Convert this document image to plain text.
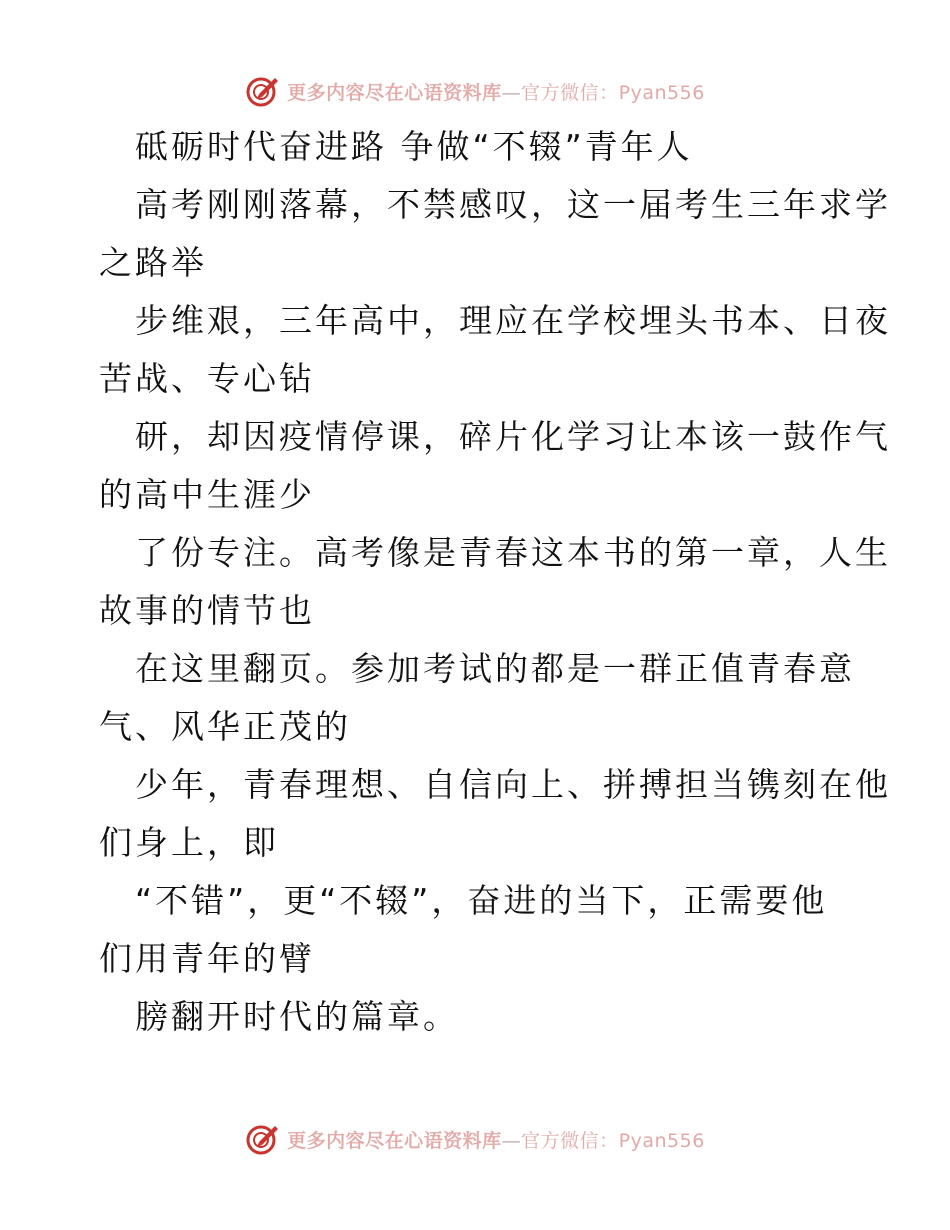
更多内容尽在心语资料库—官方微信：Pyan556

砥砺时代奋进路 争做“不辍”青年人

高考刚刚落幕，不禁感叹，这一届考生三年求学

之路举

步维艰，三年高中，理应在学校埋头书本、日夜

苦战、专心钻

研，却因疫情停课，碎片化学习让本该一鼓作气

的高中生涯少

了份专注。高考像是青春这本书的第一章，人生

故事的情节也

在这里翻页。参加考试的都是一群正值青春意

气、风华正茂的

少年，青春理想、自信向上、拼搏担当镌刻在他

们身上，即

“不错”，更“不辍”，奋进的当下，正需要他

们用青年的臂

膀翻开时代的篇章。

更多内容尽在心语资料库—官方微信：Pyan556
